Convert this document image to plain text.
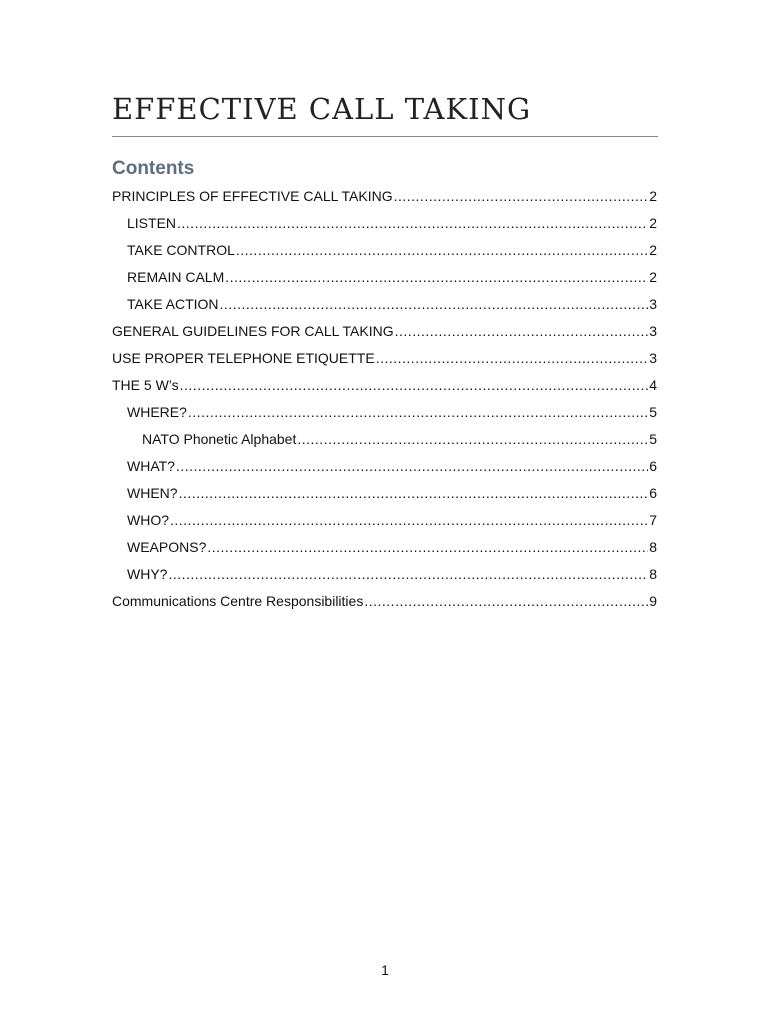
EFFECTIVE CALL TAKING
Contents
PRINCIPLES OF EFFECTIVE CALL TAKING .....	2
LISTEN .....	2
TAKE CONTROL .....	2
REMAIN CALM .....	2
TAKE ACTION .....	3
GENERAL GUIDELINES FOR CALL TAKING .....	3
USE PROPER TELEPHONE ETIQUETTE .....	3
THE 5 W’s .....	4
WHERE? .....	5
NATO Phonetic Alphabet .....	5
WHAT? .....	6
WHEN? .....	6
WHO? .....	7
WEAPONS? .....	8
WHY? .....	8
Communications Centre Responsibilities .....	9
1
